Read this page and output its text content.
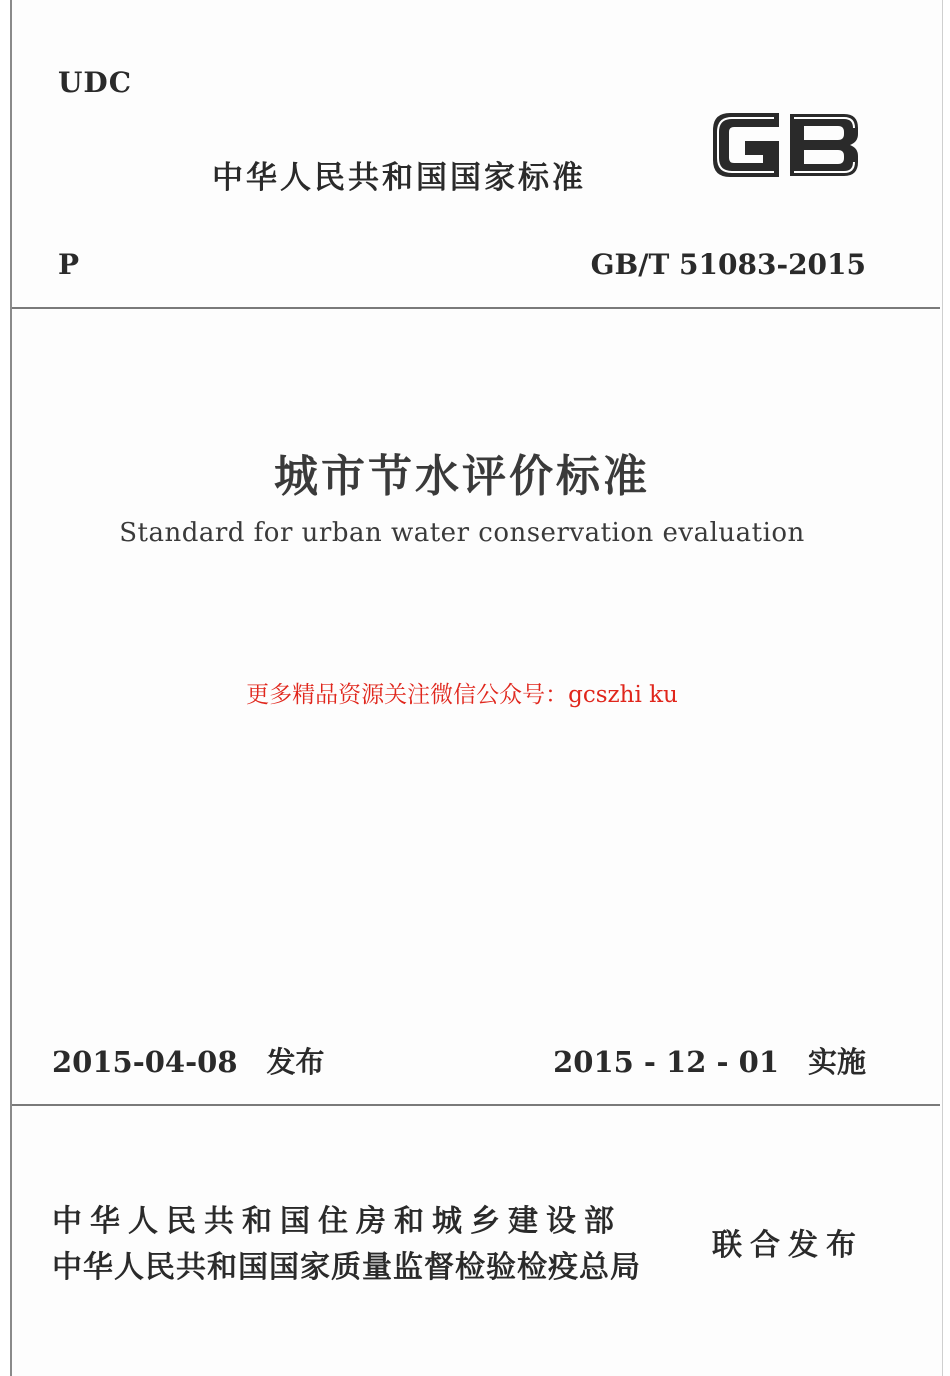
UDC
中华人民共和国国家标准
P	GB/T 51083-2015
城市节水评价标准
Standard for urban water conservation evaluation
更多精品资源关注微信公众号：gcszhi ku
2015-04-08　发布	2015 - 12 - 01　实施
中华人民共和国住房和城乡建设部
中华人民共和国国家质量监督检验检疫总局
联合发布
